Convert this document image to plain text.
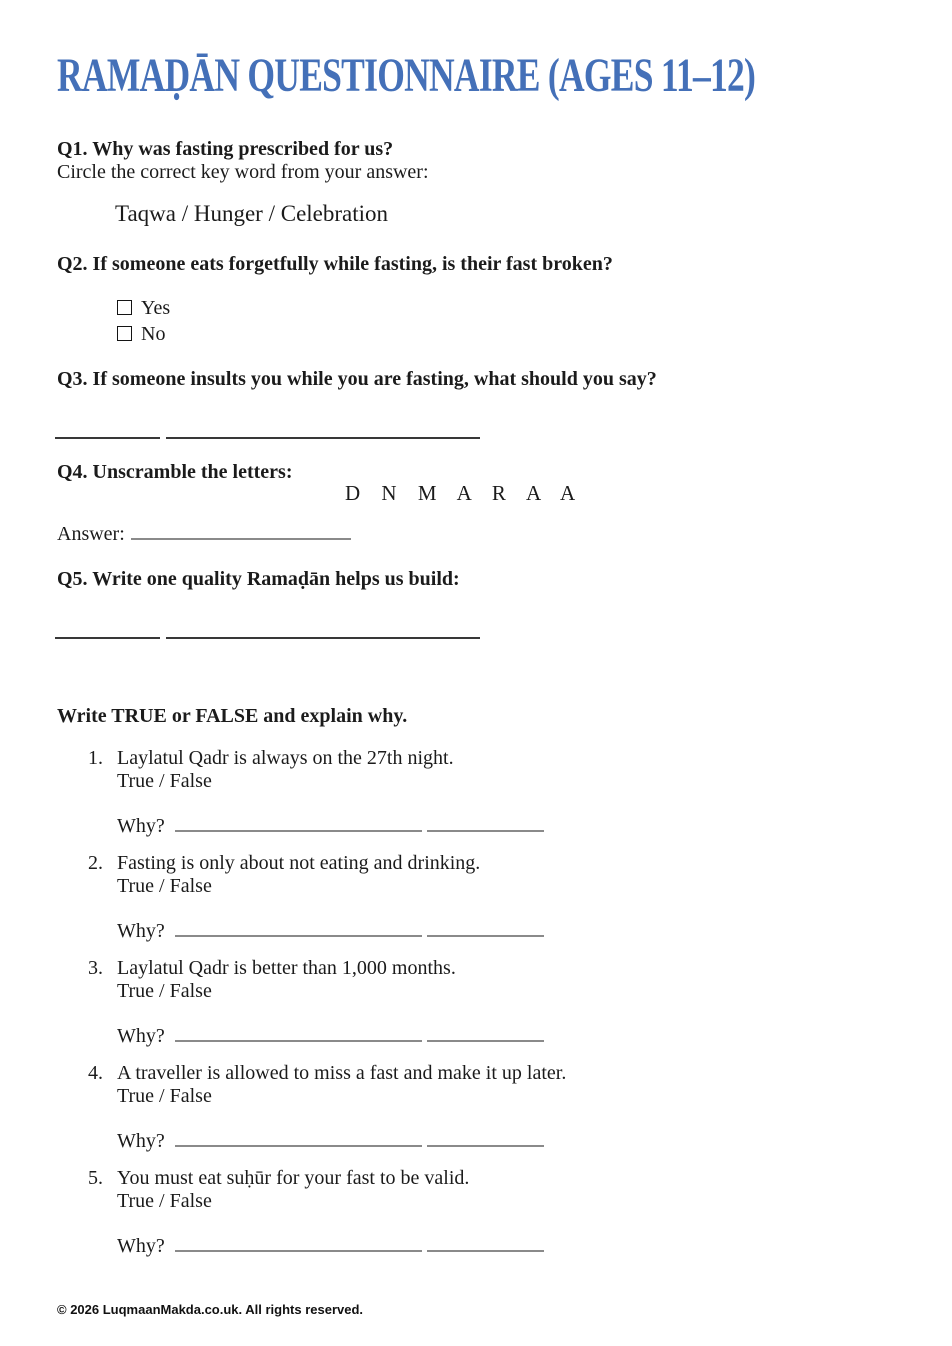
RAMAḌĀN QUESTIONNAIRE (AGES 11–12)
Q1. Why was fasting prescribed for us?
Circle the correct key word from your answer:
Taqwa / Hunger / Celebration
Q2. If someone eats forgetfully while fasting, is their fast broken?
Yes
No
Q3. If someone insults you while you are fasting, what should you say?
Q4. Unscramble the letters:
D N M A R A A
Answer:
Q5. Write one quality Ramaḍān helps us build:
Write TRUE or FALSE and explain why.
1. Laylatul Qadr is always on the 27th night.
True / False
Why?
2. Fasting is only about not eating and drinking.
True / False
Why?
3. Laylatul Qadr is better than 1,000 months.
True / False
Why?
4. A traveller is allowed to miss a fast and make it up later.
True / False
Why?
5. You must eat suḥūr for your fast to be valid.
True / False
Why?
© 2026 LuqmaanMakda.co.uk. All rights reserved.
